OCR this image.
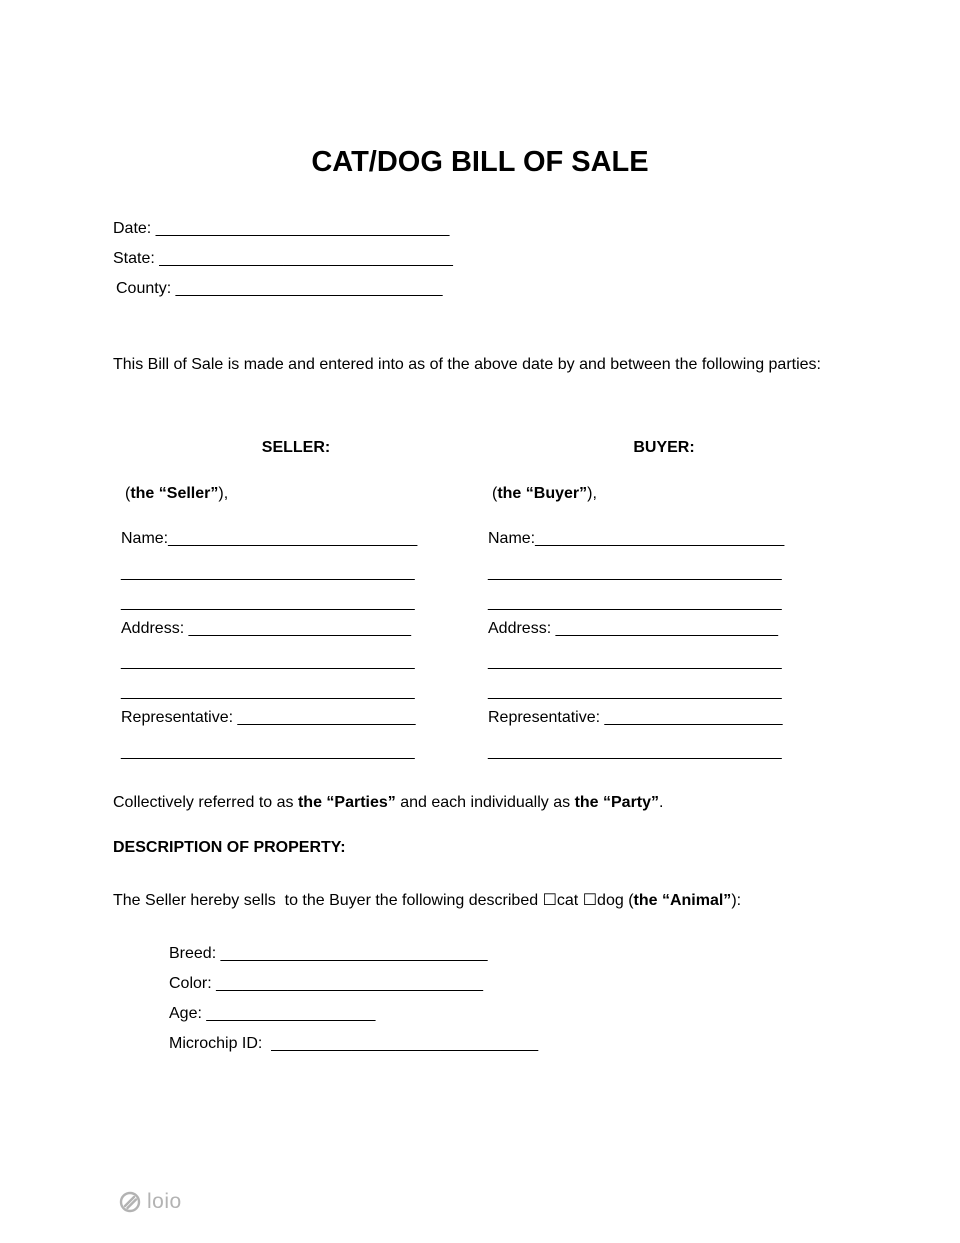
CAT/DOG BILL OF SALE
Date: _________________________________
State: _________________________________
County: ______________________________
This Bill of Sale is made and entered into as of the above date by and between the following parties:
SELLER:
(the “Seller”),
Name:____________________________
_________________________________
_________________________________
Address: _________________________
_________________________________
_________________________________
Representative: ____________________
_________________________________
BUYER:
(the “Buyer”),
Name:____________________________
_________________________________
_________________________________
Address: _________________________
_________________________________
_________________________________
Representative: ____________________
_________________________________
Collectively referred to as the “Parties” and each individually as the “Party”.
DESCRIPTION OF PROPERTY:
The Seller hereby sells  to the Buyer the following described ☐cat ☐dog (the “Animal”):
Breed: ______________________________
Color: ______________________________
Age: ___________________
Microchip ID:  ______________________________
loio
